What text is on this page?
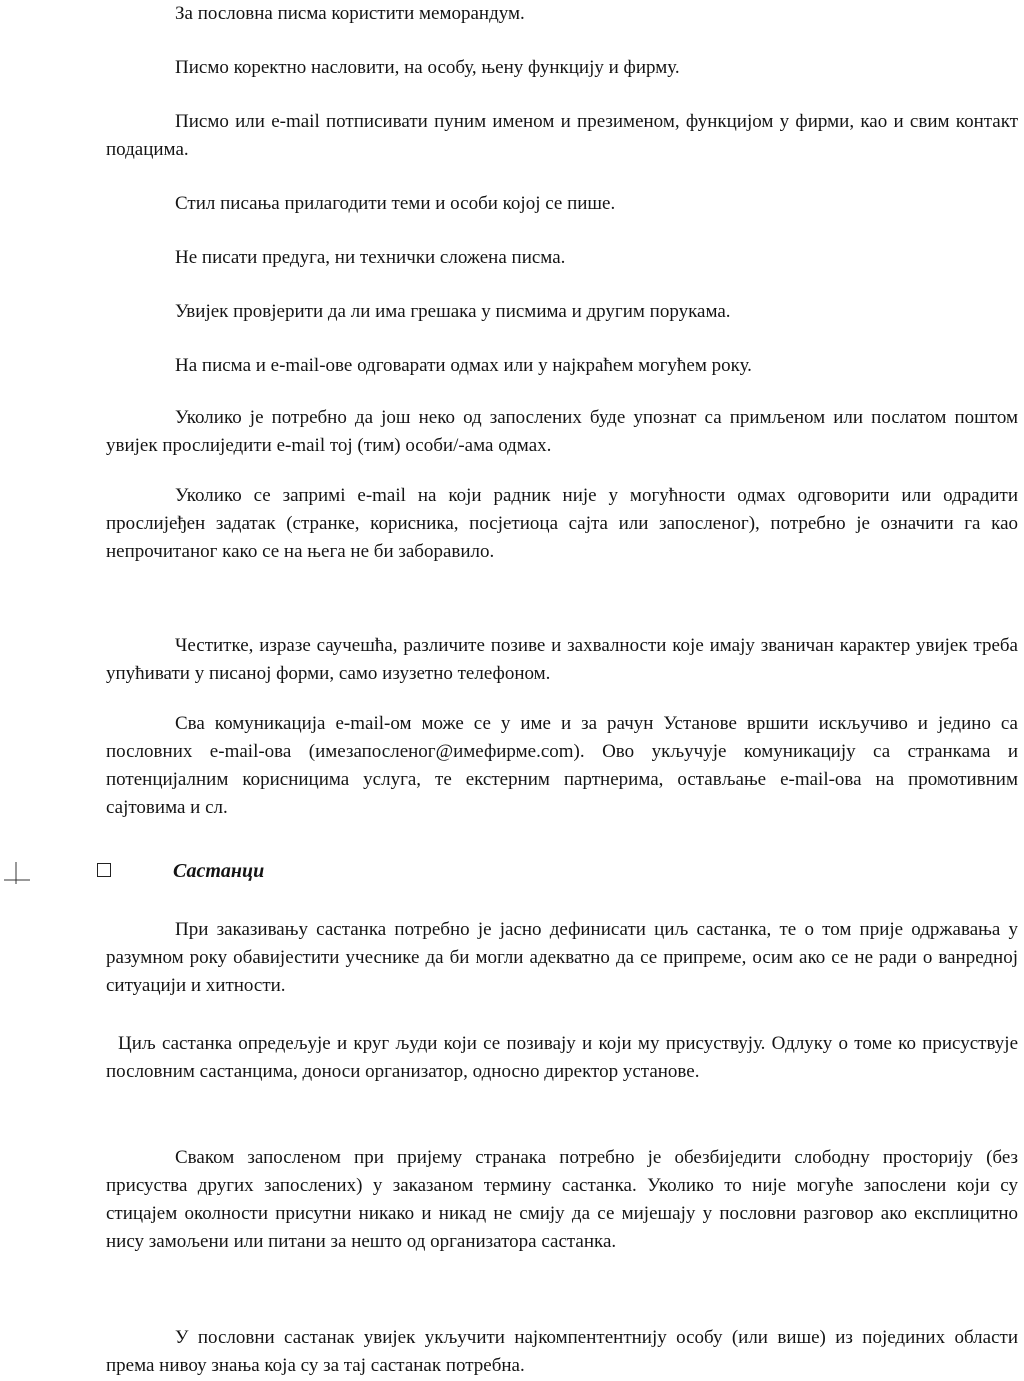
За пословна писма користити меморандум.

Писмо коректно насловити, на особу, њену функцију и фирму.

Писмо или e-mail потписивати пуним именом и презименом, функцијом у фирми, као и свим контакт подацима.

Стил писања прилагодити теми и особи којој се пише.

Не писати предуга, ни технички сложена писма.

Увијек провјерити да ли има грешака у писмима и другим порукама.

На писма и e-mail-ове одговарати одмах или у најкраћем могућем року.

Уколико је потребно да још неко од запослених буде упознат са примљеном или послатом поштом увијек прослиједити e-mail тој (тим) особи/-ама одмах.

Уколико се запримi e-mail на који радник није у могућности одмах одговорити или одрадити прослијеђен задатак (странке, корисника, посјетиоца сајта или запосленог), потребно је означити га као непрочитаног како се на њега не би заборавило.

Честитке, изразе саучешћа, различите позиве и захвалности које имају званичан карактер увијек треба упућивати у писаној форми, само изузетно телефоном.

Сва комуникација e-mail-ом може се у име и за рачун Установе вршити искључиво и једино са пословних e-mail-ова (имезапосленог@имефирме.com). Ово укључује комуникацију са странкама и потенцијалним корисницима услуга, те екстерним партнерима, остављање e-mail-ова на промотивним сајтовима и сл.

Састанци

При заказивању састанка потребно је јасно дефинисати циљ састанка, те о том прије одржавања у разумном року обавијестити учеснике да би могли адекватно да се припреме, осим ако се не ради о ванредној ситуацији и хитности.

Циљ састанка опредељује и круг људи који се позивају и који му присуствују. Одлуку о томе ко присуствује пословним састанцима, доноси организатор, односно директор установе.

Сваком запосленом при пријему странака потребно је обезбиједити слободну просторију (без присуства других запослених) у заказаном термину састанка. Уколико то није могуће запослени који су стицајем околности присутни никако и никад не смију да се мијешају у пословни разговор ако експлицитно нису замољени или питани за нешто од организатора састанка.

У пословни састанак увијек укључити најкомпентентнију особу (или више) из појединих области према нивоу знања која су за тај састанак потребна.
